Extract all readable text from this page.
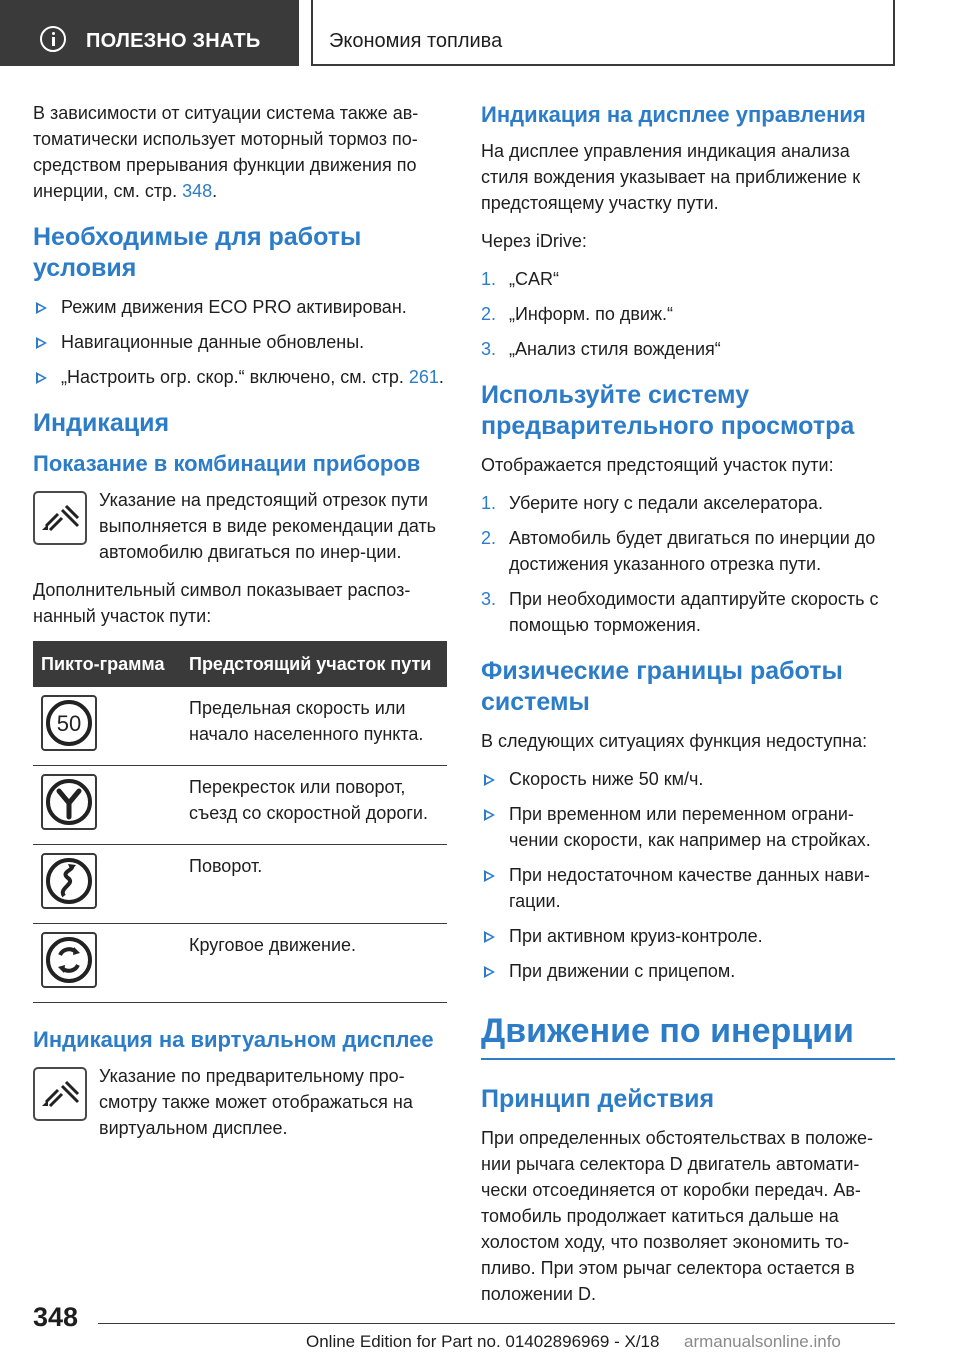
ПОЛЕЗНО ЗНАТЬ	Экономия топлива

В зависимости от ситуации система также ав-томатически использует моторный тормоз по-средством прерывания функции движения по инерции, см. стр. 348.

Необходимые для работы условия
Режим движения ECO PRO активирован.
Навигационные данные обновлены.
„Настроить огр. скор.“ включено, см. стр. 261.
Индикация
Показание в комбинации приборов
Указание на предстоящий отрезок пути выполняется в виде рекомендации дать автомобилю двигаться по инер-ции.

Дополнительный символ показывает распоз-нанный участок пути:

Пикто-грамма	Предстоящий участок пути

50	Предельная скорость или начало населенного пункта.

	Перекресток или поворот, съезд со скоростной дороги.

	Поворот.

	Круговое движение.
Индикация на виртуальном дисплее
Указание по предварительному про-смотру также может отображаться на виртуальном дисплее.
Индикация на дисплее управления

На дисплее управления индикация анализа стиля вождения указывает на приближение к предстоящему участку пути.

Через iDrive:

1. „CAR“
2. „Информ. по движ.“
3. „Анализ стиля вождения“
Используйте систему предварительного просмотра

Отображается предстоящий участок пути:

1. Уберите ногу с педали акселератора.
2. Автомобиль будет двигаться по инерции до достижения указанного отрезка пути.
3. При необходимости адаптируйте скорость с помощью торможения.
Физические границы работы системы

В следующих ситуациях функция недоступна:

Скорость ниже 50 км/ч.
При временном или переменном ограни-чении скорости, как например на стройках.
При недостаточном качестве данных нави-гации.
При активном круиз-контроле.
При движении с прицепом.
Движение по инерции
Принцип действия

При определенных обстоятельствах в положе-нии рычага селектора D двигатель автомати-чески отсоединяется от коробки передач. Ав-томобиль продолжает катиться дальше на холостом ходу, что позволяет экономить то-пливо. При этом рычаг селектора остается в положении D.

348
Online Edition for Part no. 01402896969 - X/18 armanualsonline.info
